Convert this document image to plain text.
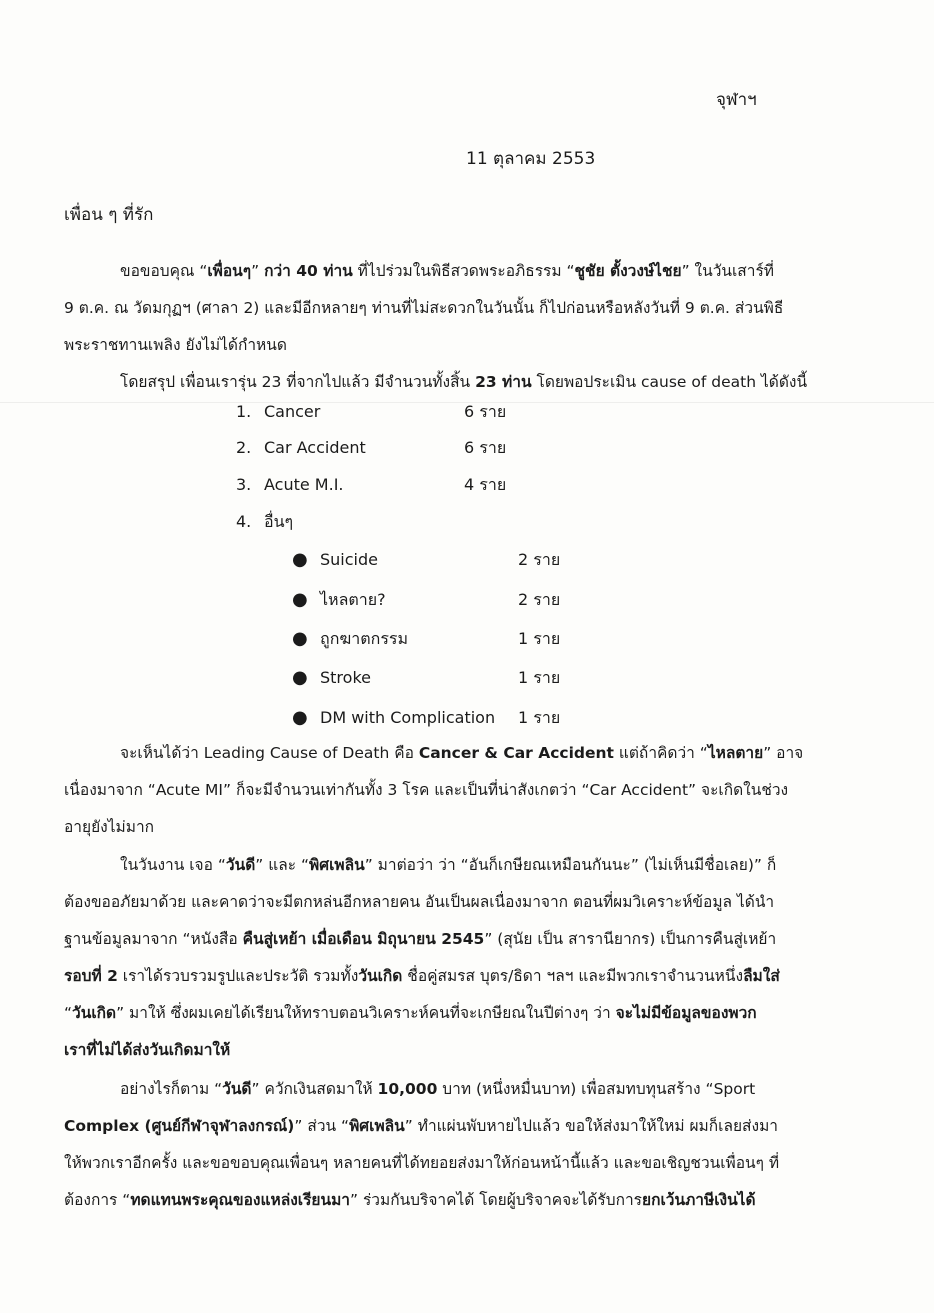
จุฬาฯ
11 ตุลาคม 2553
เพื่อน ๆ ที่รัก

ขอขอบคุณ “เพื่อนๆ” กว่า 40 ท่าน ที่ไปร่วมในพิธีสวดพระอภิธรรม “ชูชัย ตั้งวงษ์ไชย” ในวันเสาร์ที่
9 ต.ค. ณ วัดมกุฏฯ (ศาลา 2) และมีอีกหลายๆ ท่านที่ไม่สะดวกในวันนั้น ก็ไปก่อนหรือหลังวันที่ 9 ต.ค. ส่วนพิธี
พระราชทานเพลิง ยังไม่ได้กำหนด

โดยสรุป เพื่อนเรารุ่น 23 ที่จากไปแล้ว มีจำนวนทั้งสิ้น 23 ท่าน โดยพอประเมิน cause of death ได้ดังนี้

1. Cancer	6 ราย
2. Car Accident	6 ราย
3. Acute M.I.	4 ราย
4. อื่นๆ
● Suicide	2 ราย
● ไหลตาย?	2 ราย
● ถูกฆาตกรรม	1 ราย
● Stroke	1 ราย
● DM with Complication 1 ราย

จะเห็นได้ว่า Leading Cause of Death คือ Cancer & Car Accident แต่ถ้าคิดว่า “ไหลตาย” อาจ
เนื่องมาจาก “Acute MI” ก็จะมีจำนวนเท่ากันทั้ง 3 โรค และเป็นที่น่าสังเกตว่า “Car Accident” จะเกิดในช่วง
อายุยังไม่มาก

ในวันงาน เจอ “วันดี” และ “พิศเพลิน” มาต่อว่า ว่า “อันก็เกษียณเหมือนกันนะ” (ไม่เห็นมีชื่อเลย)” ก็
ต้องขออภัยมาด้วย และคาดว่าจะมีตกหล่นอีกหลายคน อันเป็นผลเนื่องมาจาก ตอนที่ผมวิเคราะห์ข้อมูล ได้นำ
ฐานข้อมูลมาจาก “หนังสือ คืนสู่เหย้า เมื่อเดือน มิถุนายน 2545” (สุนัย เป็น สารานียากร) เป็นการคืนสู่เหย้า
รอบที่ 2 เราได้รวบรวมรูปและประวัติ รวมทั้งวันเกิด ชื่อคู่สมรส บุตร/ธิดา ฯลฯ และมีพวกเราจำนวนหนึ่งลืมใส่
“วันเกิด” มาให้ ซึ่งผมเคยได้เรียนให้ทราบตอนวิเคราะห์คนที่จะเกษียณในปีต่างๆ ว่า จะไม่มีข้อมูลของพวก
เราที่ไม่ได้ส่งวันเกิดมาให้

อย่างไรก็ตาม “วันดี” ควักเงินสดมาให้ 10,000 บาท (หนึ่งหมื่นบาท) เพื่อสมทบทุนสร้าง “Sport
Complex (ศูนย์กีฬาจุฬาลงกรณ์)” ส่วน “พิศเพลิน” ทำแผ่นพับหายไปแล้ว ขอให้ส่งมาให้ใหม่ ผมก็เลยส่งมา
ให้พวกเราอีกครั้ง และขอขอบคุณเพื่อนๆ หลายคนที่ได้ทยอยส่งมาให้ก่อนหน้านี้แล้ว และขอเชิญชวนเพื่อนๆ ที่
ต้องการ “ทดแทนพระคุณของแหล่งเรียนมา” ร่วมกันบริจาคได้ โดยผู้บริจาคจะได้รับการยกเว้นภาษีเงินได้
